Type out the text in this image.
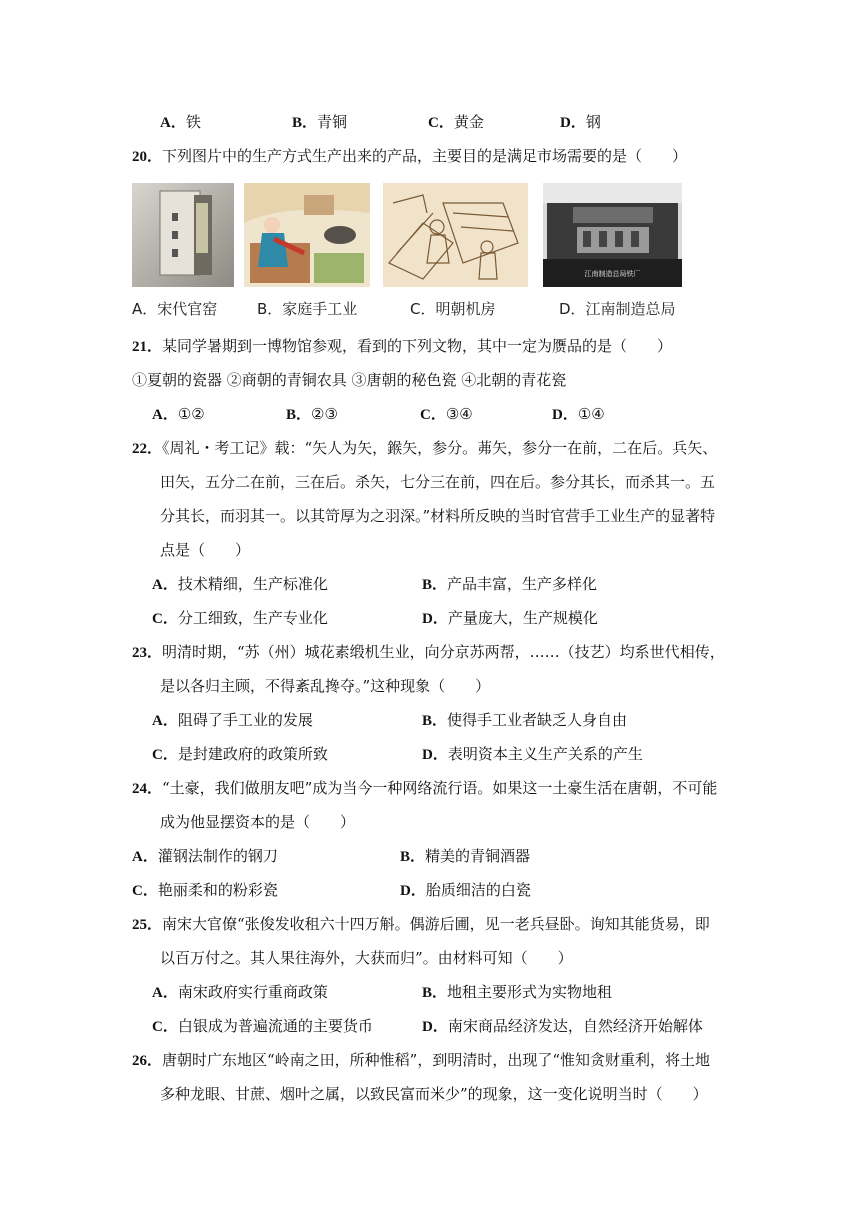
A．铁	B．青铜	C．黄金	D．钢
20．下列图片中的生产方式生产出来的产品，主要目的是满足市场需要的是（　　）
江南制造总局铁厂
A．宋代官窑	B．家庭手工业	C．明朝机房	D．江南制造总局
21．某同学暑期到一博物馆参观，看到的下列文物，其中一定为赝品的是（　　）
①夏朝的瓷器 ②商朝的青铜农具 ③唐朝的秘色瓷 ④北朝的青花瓷
A．①②	B．②③	C．③④	D．①④
22．《周礼・考工记》载：“矢人为矢，鍭矢，参分。茀矢，参分一在前，二在后。兵矢、
田矢，五分二在前，三在后。杀矢，七分三在前，四在后。参分其长，而杀其一。五
分其长，而羽其一。以其笴厚为之羽深。”材料所反映的当时官营手工业生产的显著特
点是（　　）
A．技术精细，生产标准化	B．产品丰富，生产多样化
C．分工细致，生产专业化	D．产量庞大，生产规模化
23．明清时期，“苏（州）城花素缎机生业，向分京苏两帮，……（技艺）均系世代相传，
是以各归主顾，不得紊乱搀夺。”这种现象（　　）
A．阻碍了手工业的发展	B．使得手工业者缺乏人身自由
C．是封建政府的政策所致	D．表明资本主义生产关系的产生
24．“土豪，我们做朋友吧”成为当今一种网络流行语。如果这一土豪生活在唐朝，不可能
成为他显摆资本的是（　　）
A．灌钢法制作的钢刀	B．精美的青铜酒器
C．艳丽柔和的粉彩瓷	D．胎质细洁的白瓷
25．南宋大官僚“张俊发收租六十四万斛。偶游后圃，见一老兵昼卧。询知其能货易，即
以百万付之。其人果往海外，大获而归”。由材料可知（　　）
A．南宋政府实行重商政策	B．地租主要形式为实物地租
C．白银成为普遍流通的主要货币	D．南宋商品经济发达，自然经济开始解体
26．唐朝时广东地区“岭南之田，所种惟稻”，到明清时，出现了“惟知贪财重利，将土地
多种龙眼、甘蔗、烟叶之属，以致民富而米少”的现象，这一变化说明当时（　　）
